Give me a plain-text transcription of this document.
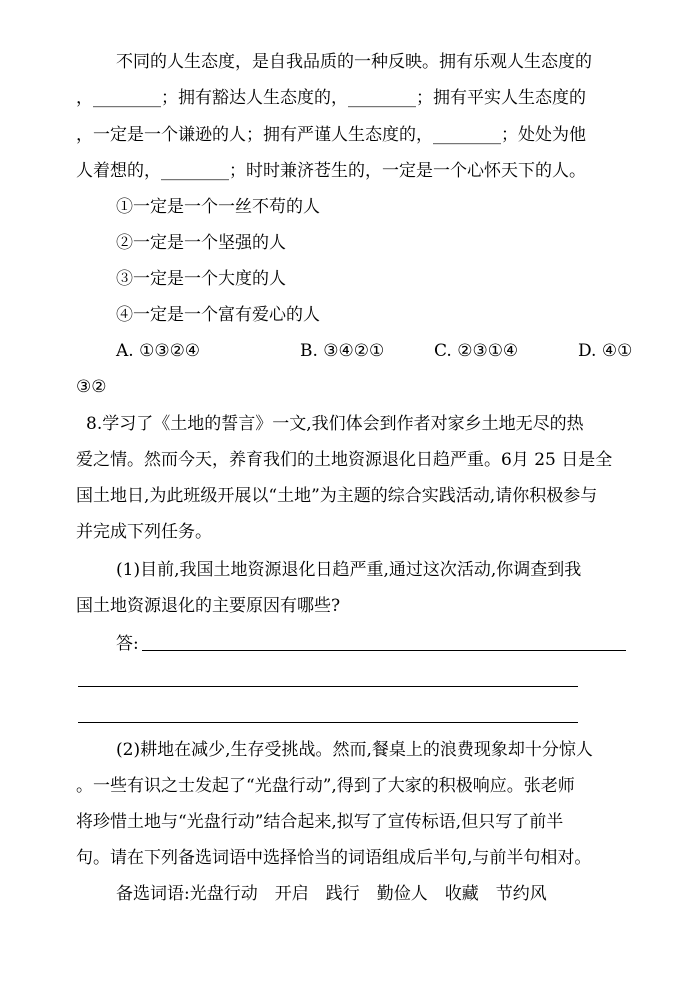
不同的人生态度，是自我品质的一种反映。拥有乐观人生态度的
，________；拥有豁达人生态度的，________；拥有平实人生态度的
，一定是一个谦逊的人；拥有严谨人生态度的，________；处处为他
人着想的，________；时时兼济苍生的，一定是一个心怀天下的人。
①一定是一个一丝不苟的人
②一定是一个坚强的人
③一定是一个大度的人
④一定是一个富有爱心的人
A. ①③②④	B. ③④②①	C. ②③①④	D. ④①
③②
8.学习了《土地的誓言》一文,我们体会到作者对家乡土地无尽的热
爱之情。然而今天，养育我们的土地资源退化日趋严重。6月 25 日是全
国土地日,为此班级开展以“土地”为主题的综合实践活动,请你积极参与
并完成下列任务。
(1)目前,我国土地资源退化日趋严重,通过这次活动,你调查到我
国土地资源退化的主要原因有哪些?
答:
(2)耕地在减少,生存受挑战。然而,餐桌上的浪费现象却十分惊人
。一些有识之士发起了“光盘行动”,得到了大家的积极响应。张老师
将珍惜土地与“光盘行动”结合起来,拟写了宣传标语,但只写了前半
句。请在下列备选词语中选择恰当的词语组成后半句,与前半句相对。
备选词语:光盘行动　开启　践行　勤俭人　收藏　节约风
